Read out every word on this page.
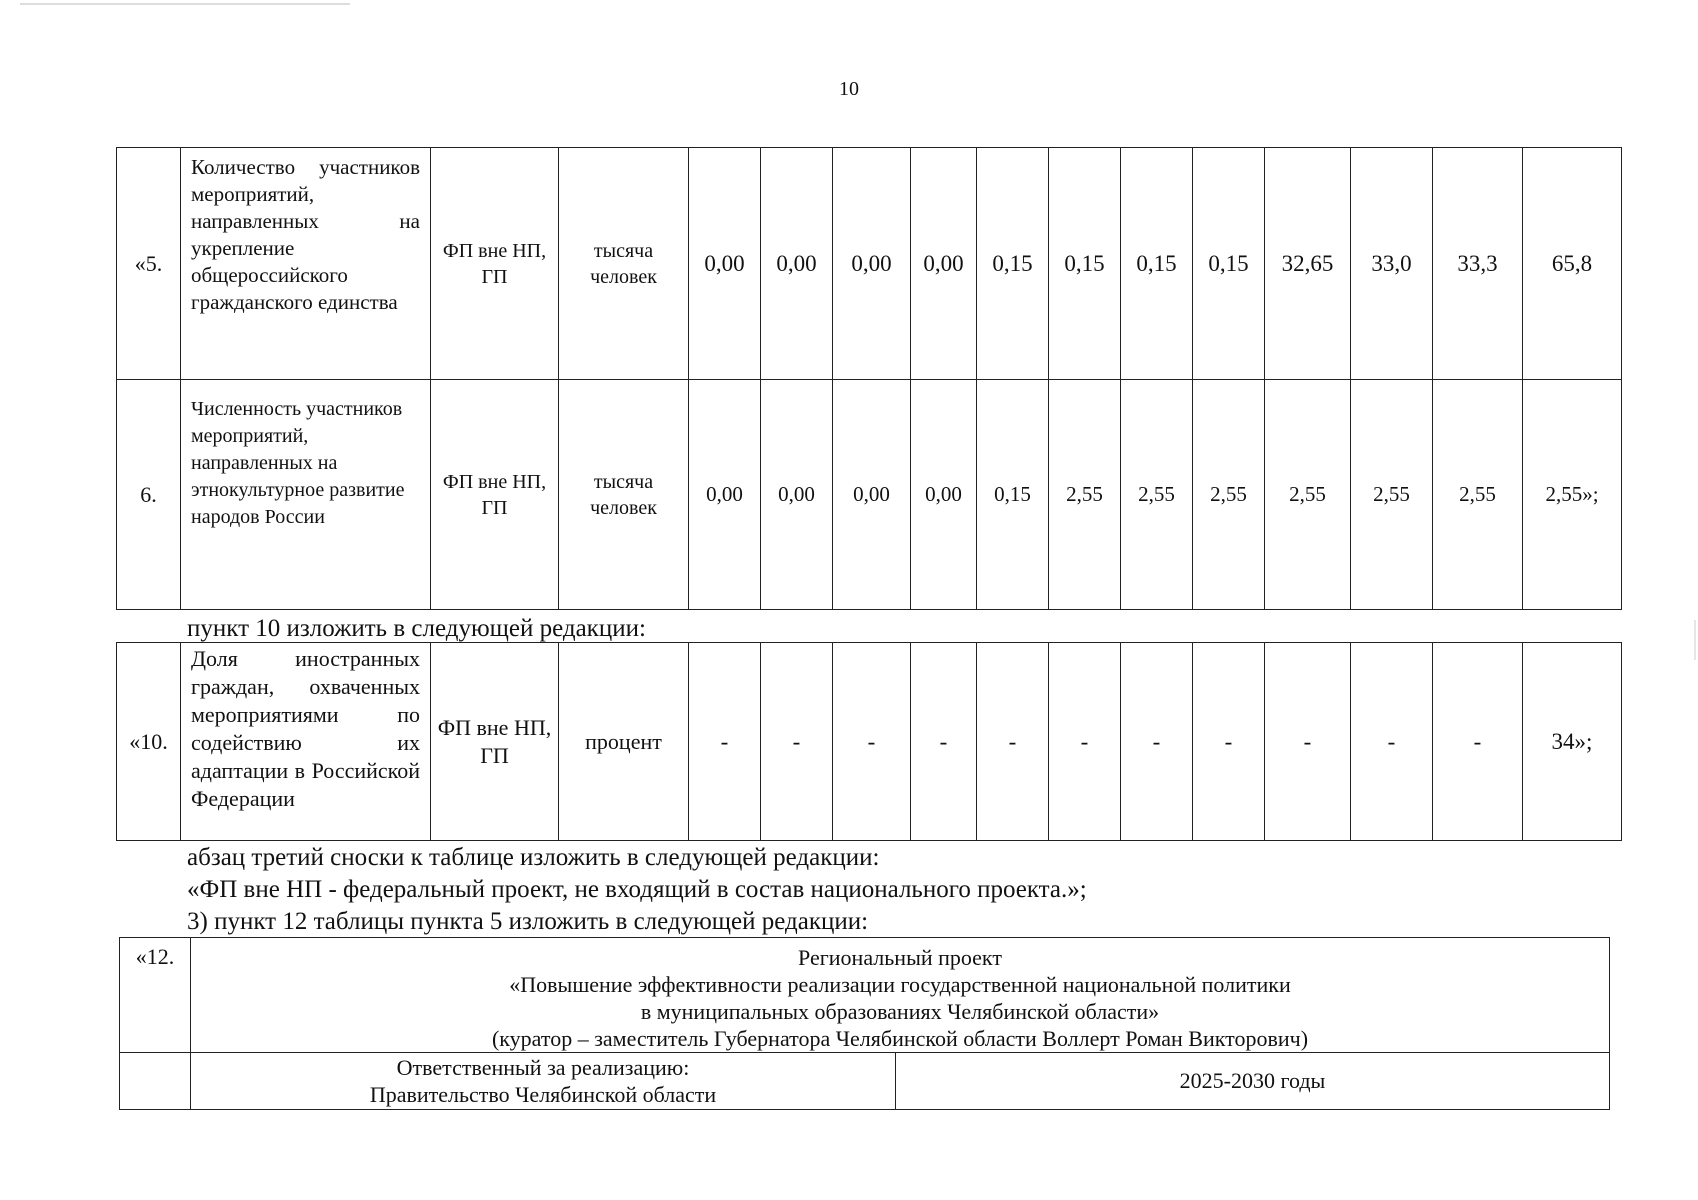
10
«5.	Количество участников мероприятий, направленных на укрепление общероссийского гражданского единства	ФП вне НП, ГП	тысяча человек	0,00	0,00	0,00	0,00	0,15	0,15	0,15	0,15	32,65	33,0	33,3	65,8
6.	Численность участников мероприятий, направленных на этнокультурное развитие народов России	ФП вне НП, ГП	тысяча человек	0,00	0,00	0,00	0,00	0,15	2,55	2,55	2,55	2,55	2,55	2,55	2,55»;
пункт 10 изложить в следующей редакции:
«10.	Доля иностранных граждан, охваченных мероприятиями по содействию их адаптации в Российской Федерации	ФП вне НП, ГП	процент	-	-	-	-	-	-	-	-	-	-	-	34»;
абзац третий сноски к таблице изложить в следующей редакции:
«ФП вне НП - федеральный проект, не входящий в состав национального проекта.»;
3) пункт 12 таблицы пункта 5 изложить в следующей редакции:
«12.	Региональный проект
«Повышение эффективности реализации государственной национальной политики
в муниципальных образованиях Челябинской области»
(куратор – заместитель Губернатора Челябинской области Воллерт Роман Викторович)	

	Ответственный за реализацию:
Правительство Челябинской области	2025-2030 годы
